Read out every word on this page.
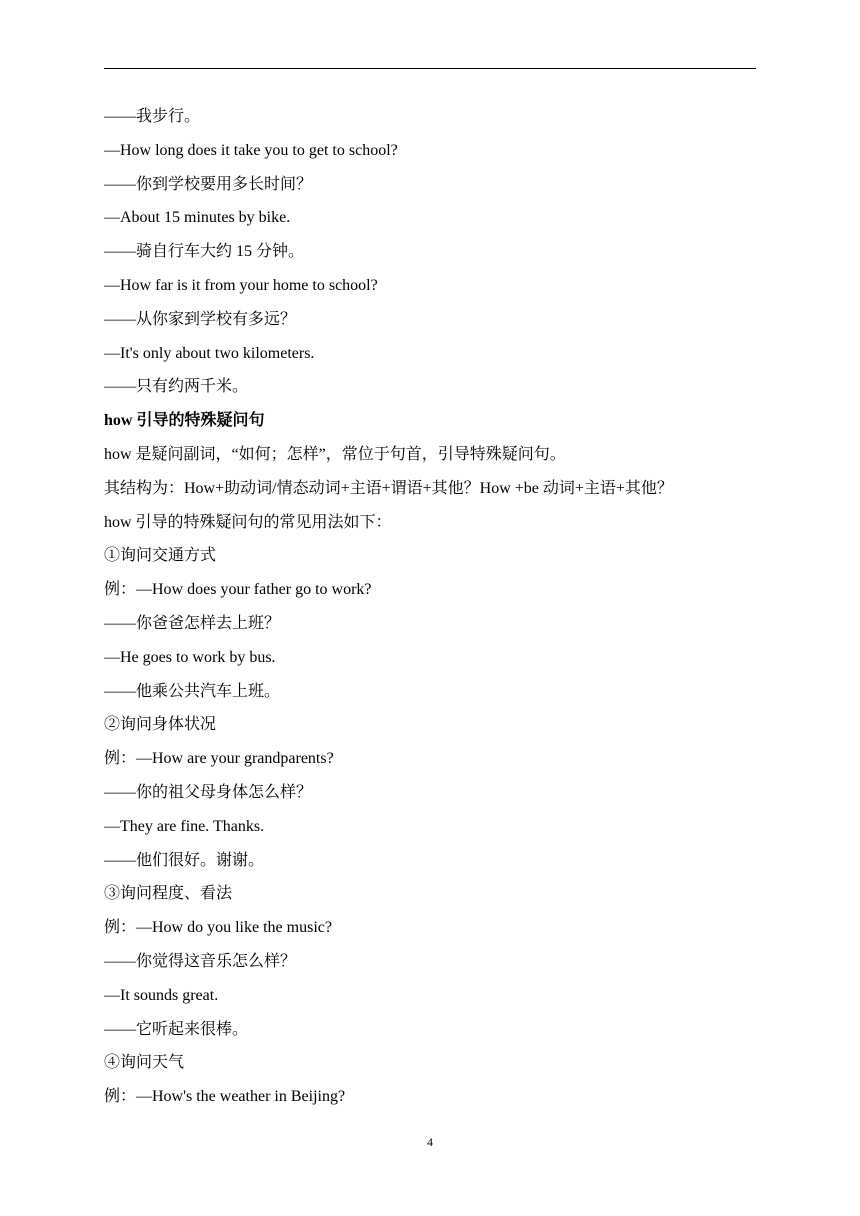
——我步行。
—How long does it take you to get to school?
——你到学校要用多长时间？
—About 15 minutes by bike.
——骑自行车大约 15 分钟。
—How far is it from your home to school?
——从你家到学校有多远？
—It's only about two kilometers.
——只有约两千米。
how 引导的特殊疑问句
how 是疑问副词，“如何；怎样”，常位于句首，引导特殊疑问句。
其结构为：How+助动词/情态动词+主语+谓语+其他？How +be 动词+主语+其他？
how 引导的特殊疑问句的常见用法如下：
①询问交通方式
例：—How does your father go to work?
——你爸爸怎样去上班？
—He goes to work by bus.
——他乘公共汽车上班。
②询问身体状况
例：—How are your grandparents?
——你的祖父母身体怎么样？
—They are fine. Thanks.
——他们很好。谢谢。
③询问程度、看法
例：—How do you like the music?
——你觉得这音乐怎么样？
—It sounds great.
——它听起来很棒。
④询问天气
例：—How's the weather in Beijing?
4
